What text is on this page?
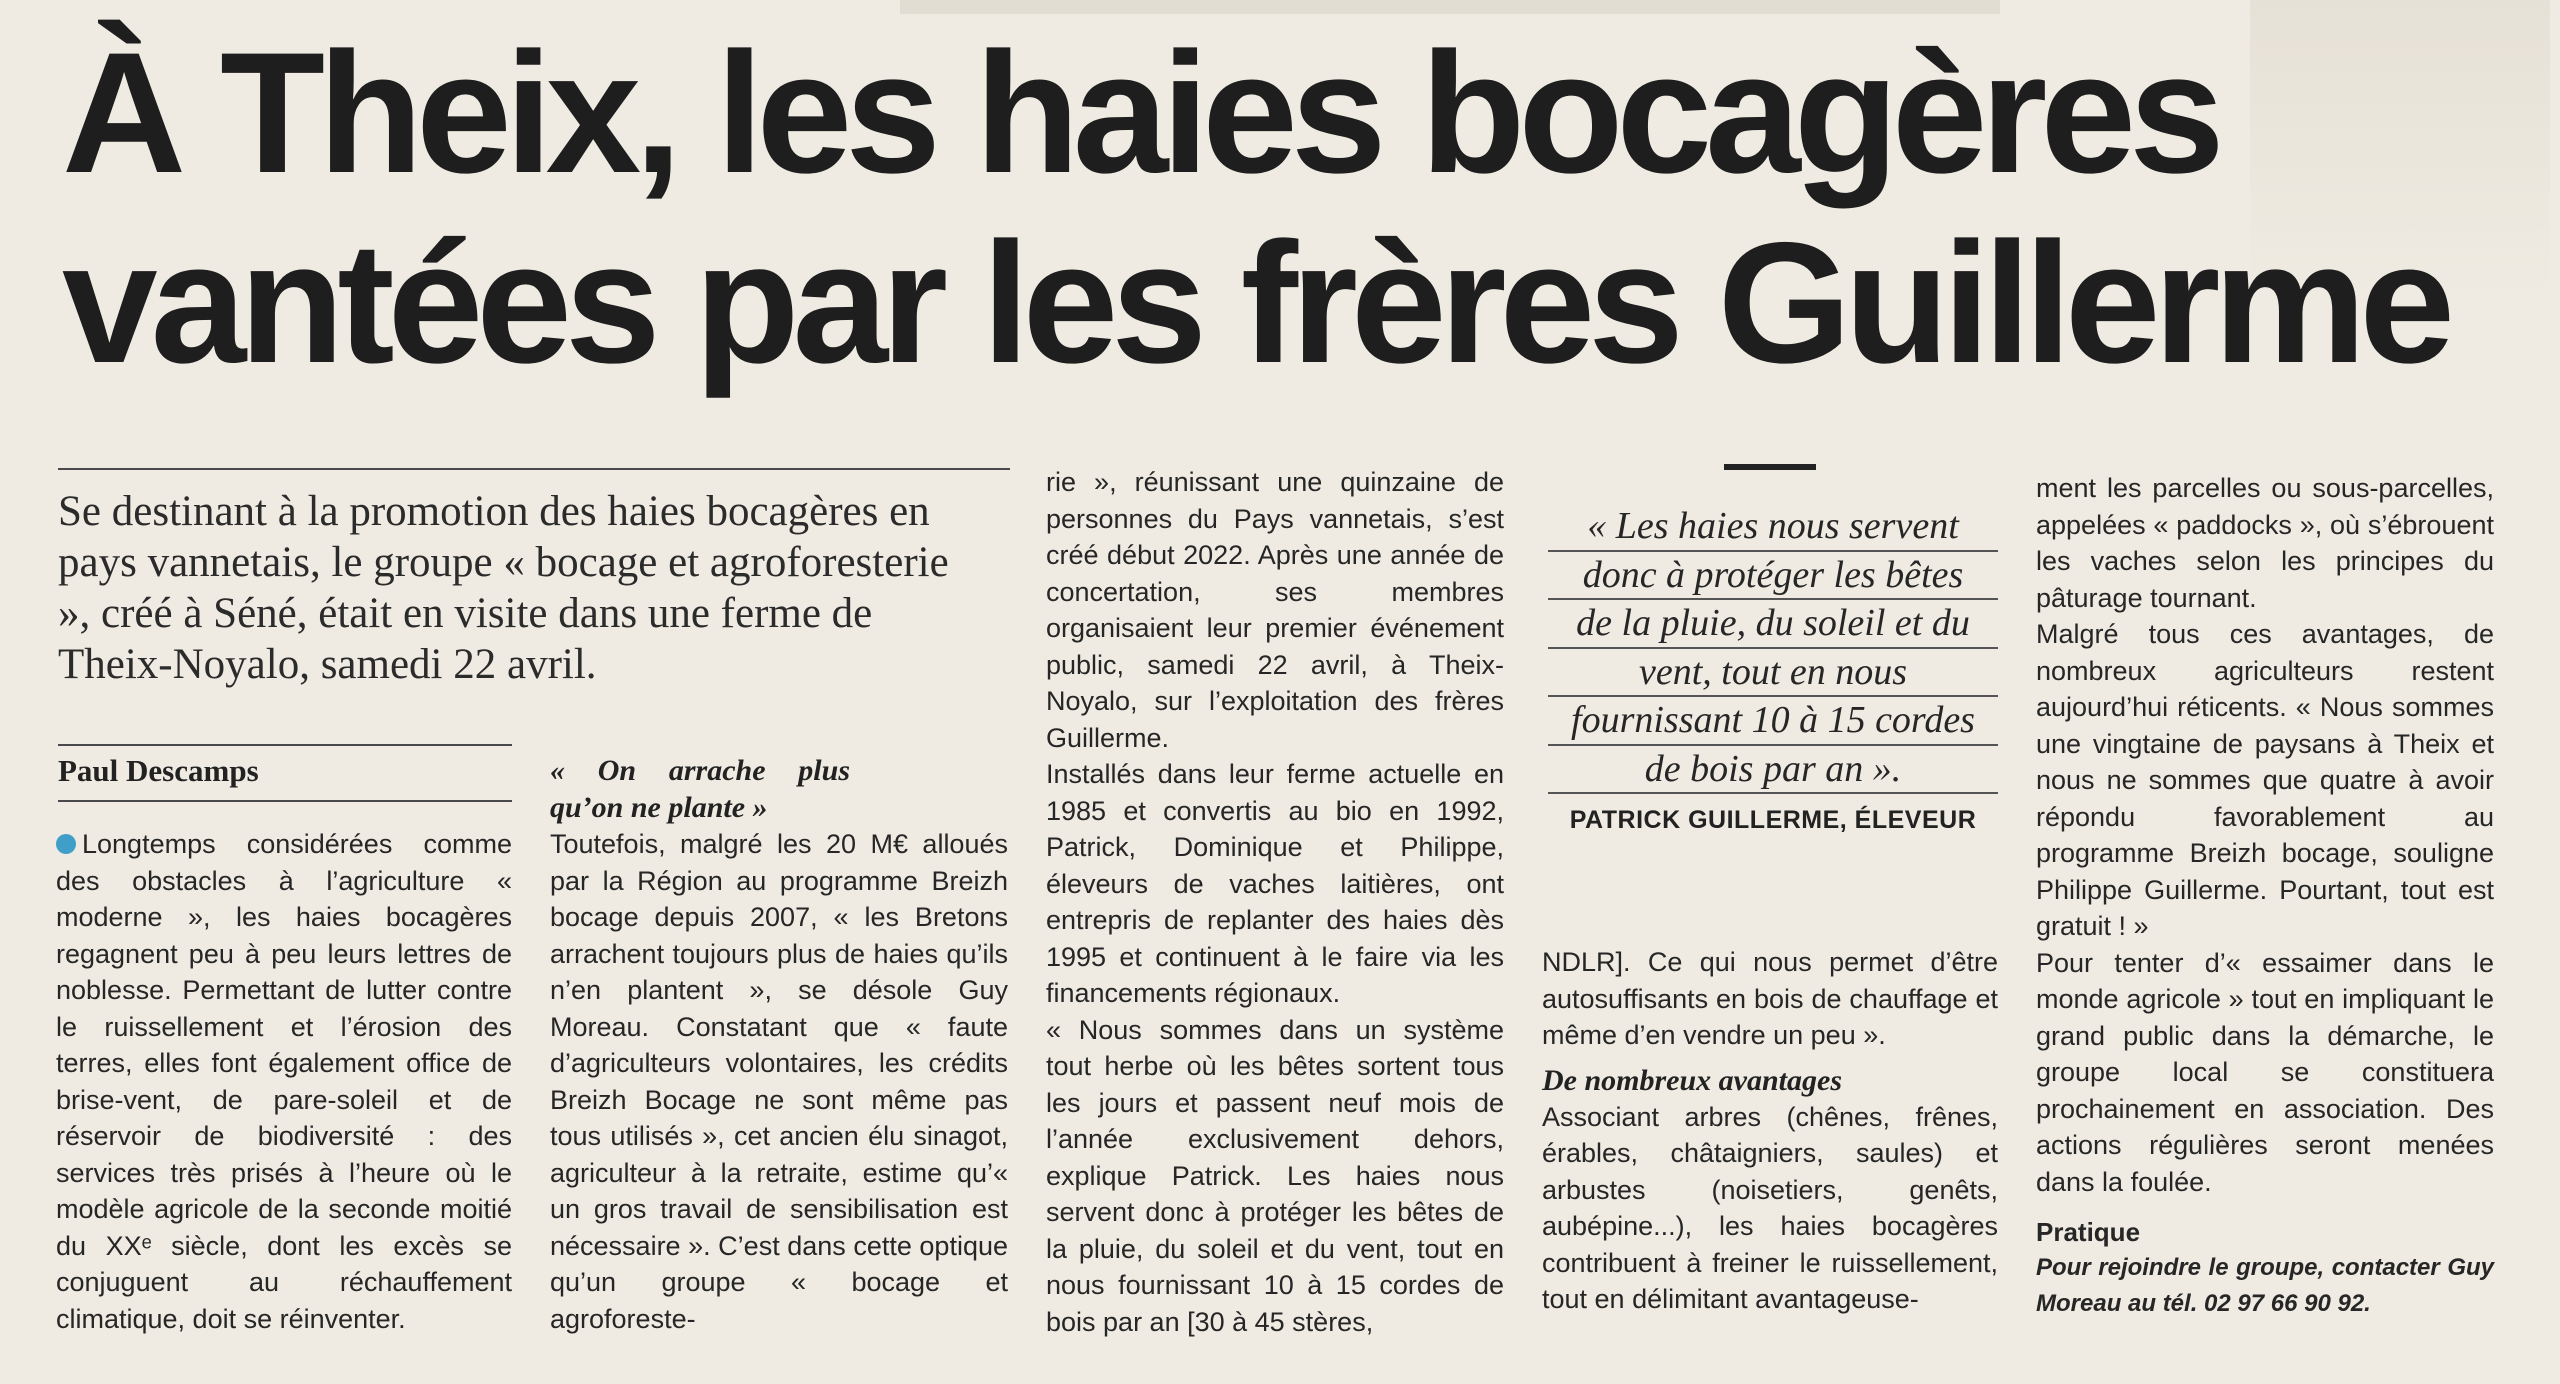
À Theix, les haies bocagères vantées par les frères Guillerme

Se destinant à la promotion des haies bocagères en pays vannetais, le groupe « bocage et agroforesterie », créé à Séné, était en visite dans une ferme de Theix-Noyalo, samedi 22 avril.

Paul Descamps

Longtemps considérées comme des obstacles à l’agriculture « moderne », les haies bocagères regagnent peu à peu leurs lettres de noblesse. Permettant de lutter contre le ruissellement et l’érosion des terres, elles font également office de brise-vent, de pare-soleil et de réservoir de biodiversité : des services très prisés à l’heure où le modèle agricole de la seconde moitié du XXᵉ siècle, dont les excès se conjuguent au réchauffement climatique, doit se réinventer.

« On arrache plus qu’on ne plante »

Toutefois, malgré les 20 M€ alloués par la Région au programme Breizh bocage depuis 2007, « les Bretons arrachent toujours plus de haies qu’ils n’en plantent », se désole Guy Moreau. Constatant que « faute d’agriculteurs volontaires, les crédits Breizh Bocage ne sont même pas tous utilisés », cet ancien élu sinagot, agriculteur à la retraite, estime qu’« un gros travail de sensibilisation est nécessaire ». C’est dans cette optique qu’un groupe « bocage et agroforeste-

rie », réunissant une quinzaine de personnes du Pays vannetais, s’est créé début 2022. Après une année de concertation, ses membres organisaient leur premier événement public, samedi 22 avril, à Theix-Noyalo, sur l’exploitation des frères Guillerme.

Installés dans leur ferme actuelle en 1985 et convertis au bio en 1992, Patrick, Dominique et Philippe, éleveurs de vaches laitières, ont entrepris de replanter des haies dès 1995 et continuent à le faire via les financements régionaux.

« Nous sommes dans un système tout herbe où les bêtes sortent tous les jours et passent neuf mois de l’année exclusivement dehors, explique Patrick. Les haies nous servent donc à protéger les bêtes de la pluie, du soleil et du vent, tout en nous fournissant 10 à 15 cordes de bois par an [30 à 45 stères,

« Les haies nous servent
donc à protéger les bêtes
de la pluie, du soleil et du
vent, tout en nous
fournissant 10 à 15 cordes
de bois par an ».
PATRICK GUILLERME, ÉLEVEUR

NDLR]. Ce qui nous permet d’être autosuffisants en bois de chauffage et même d’en vendre un peu ».

De nombreux avantages

Associant arbres (chênes, frênes, érables, châtaigniers, saules) et arbustes (noisetiers, genêts, aubépine...), les haies bocagères contribuent à freiner le ruissellement, tout en délimitant avantageuse-

ment les parcelles ou sous-parcelles, appelées « paddocks », où s’ébrouent les vaches selon les principes du pâturage tournant.

Malgré tous ces avantages, de nombreux agriculteurs restent aujourd’hui réticents. « Nous sommes une vingtaine de paysans à Theix et nous ne sommes que quatre à avoir répondu favorablement au programme Breizh bocage, souligne Philippe Guillerme. Pourtant, tout est gratuit ! »

Pour tenter d’« essaimer dans le monde agricole » tout en impliquant le grand public dans la démarche, le groupe local se constituera prochainement en association. Des actions régulières seront menées dans la foulée.

Pratique

Pour rejoindre le groupe, contacter Guy Moreau au tél. 02 97 66 90 92.
